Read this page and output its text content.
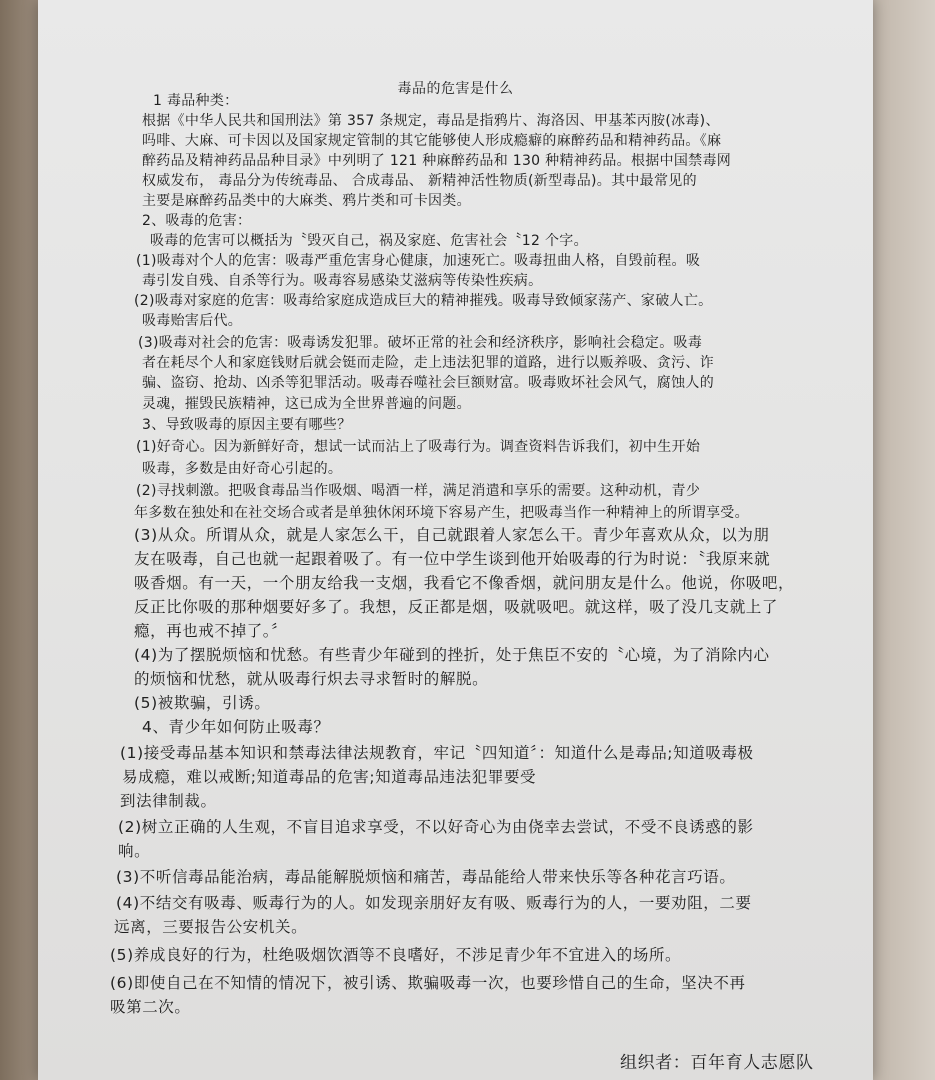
毒品的危害是什么
1 毒品种类：
根据《中华人民共和国刑法》第 357 条规定，毒品是指鸦片、海洛因、甲基苯丙胺(冰毒)、
吗啡、大麻、可卡因以及国家规定管制的其它能够使人形成瘾癖的麻醉药品和精神药品。《麻
醉药品及精神药品品种目录》中列明了 121 种麻醉药品和 130 种精神药品。根据中国禁毒网
权威发布， 毒品分为传统毒品、 合成毒品、 新精神活性物质(新型毒品)。其中最常见的
主要是麻醉药品类中的大麻类、鸦片类和可卡因类。
2、吸毒的危害：
吸毒的危害可以概括为〝毁灭自己，祸及家庭、危害社会〝12 个字。
(1)吸毒对个人的危害：吸毒严重危害身心健康，加速死亡。吸毒扭曲人格，自毁前程。吸
毒引发自残、自杀等行为。吸毒容易感染艾滋病等传染性疾病。
(2)吸毒对家庭的危害：吸毒给家庭成造成巨大的精神摧残。吸毒导致倾家荡产、家破人亡。
吸毒贻害后代。
(3)吸毒对社会的危害：吸毒诱发犯罪。破坏正常的社会和经济秩序，影响社会稳定。吸毒
者在耗尽个人和家庭钱财后就会铤而走险，走上违法犯罪的道路，进行以贩养吸、贪污、诈
骗、盗窃、抢劫、凶杀等犯罪活动。吸毒吞噬社会巨额财富。吸毒败坏社会风气，腐蚀人的
灵魂，摧毁民族精神，这已成为全世界普遍的问题。
3、导致吸毒的原因主要有哪些？
(1)好奇心。因为新鲜好奇，想试一试而沾上了吸毒行为。调查资料告诉我们，初中生开始
吸毒，多数是由好奇心引起的。
(2)寻找刺激。把吸食毒品当作吸烟、喝酒一样，满足消遣和享乐的需要。这种动机，青少
年多数在独处和在社交场合或者是单独休闲环境下容易产生，把吸毒当作一种精神上的所谓享受。
(3)从众。所谓从众，就是人家怎么干，自己就跟着人家怎么干。青少年喜欢从众，以为朋
友在吸毒，自己也就一起跟着吸了。有一位中学生谈到他开始吸毒的行为时说：〝我原来就
吸香烟。有一天，一个朋友给我一支烟，我看它不像香烟，就问朋友是什么。他说，你吸吧，
反正比你吸的那种烟要好多了。我想，反正都是烟，吸就吸吧。就这样，吸了没几支就上了
瘾，再也戒不掉了。〞
(4)为了摆脱烦恼和忧愁。有些青少年碰到的挫折，处于焦臣不安的〝心境，为了消除内心
的烦恼和忧愁，就从吸毒行炽去寻求暂时的解脱。
(5)被欺骗，引诱。
4、青少年如何防止吸毒？
(1)接受毒品基本知识和禁毒法律法规教育，牢记〝四知道〞：知道什么是毒品;知道吸毒极
易成瘾，难以戒断;知道毒品的危害;知道毒品违法犯罪要受
到法律制裁。
(2)树立正确的人生观，不盲目追求享受，不以好奇心为由侥幸去尝试，不受不良诱惑的影
响。
(3)不听信毒品能治病，毒品能解脱烦恼和痛苦，毒品能给人带来快乐等各种花言巧语。
(4)不结交有吸毒、贩毒行为的人。如发现亲朋好友有吸、贩毒行为的人，一要劝阻，二要
远离，三要报告公安机关。
(5)养成良好的行为，杜绝吸烟饮酒等不良嗜好，不涉足青少年不宜进入的场所。
(6)即使自己在不知情的情况下，被引诱、欺骗吸毒一次，也要珍惜自己的生命，坚决不再
吸第二次。
组织者：百年育人志愿队
